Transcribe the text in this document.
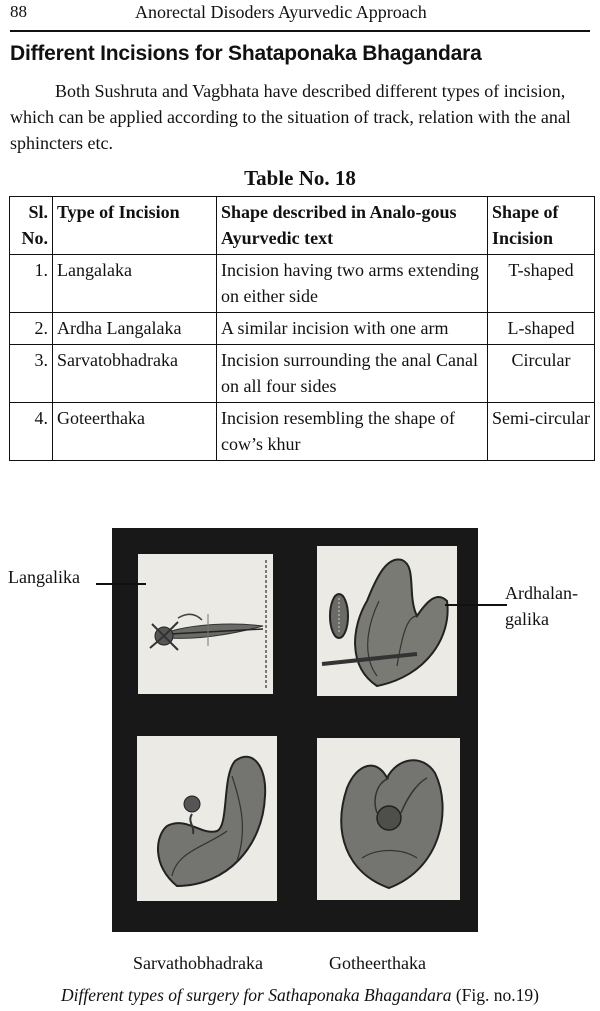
88	Anorectal Disoders Ayurvedic Approach
Different Incisions for Shataponaka Bhagandara

Both Sushruta and Vagbhata have described different types of incision, which can be applied according to the situation of track, relation with the anal sphincters etc.

Table No. 18
Sl. No.	Type of Incision	Shape described in Analo-gous Ayurvedic text	Shape of Incision
1.	Langalaka	Incision having two arms extending on either side	T-shaped
2.	Ardha Langalaka	A similar incision with one arm	L-shaped
3.	Sarvatobhadraka	Incision surrounding the anal Canal on all four sides	Circular
4.	Goteerthaka	Incision resembling the shape of cow’s khur	Semi-circular
Langalika
Ardhalan-galika
Sarvathobhadraka	Gotheerthaka
Different types of surgery for Sathaponaka Bhagandara (Fig. no.19)
